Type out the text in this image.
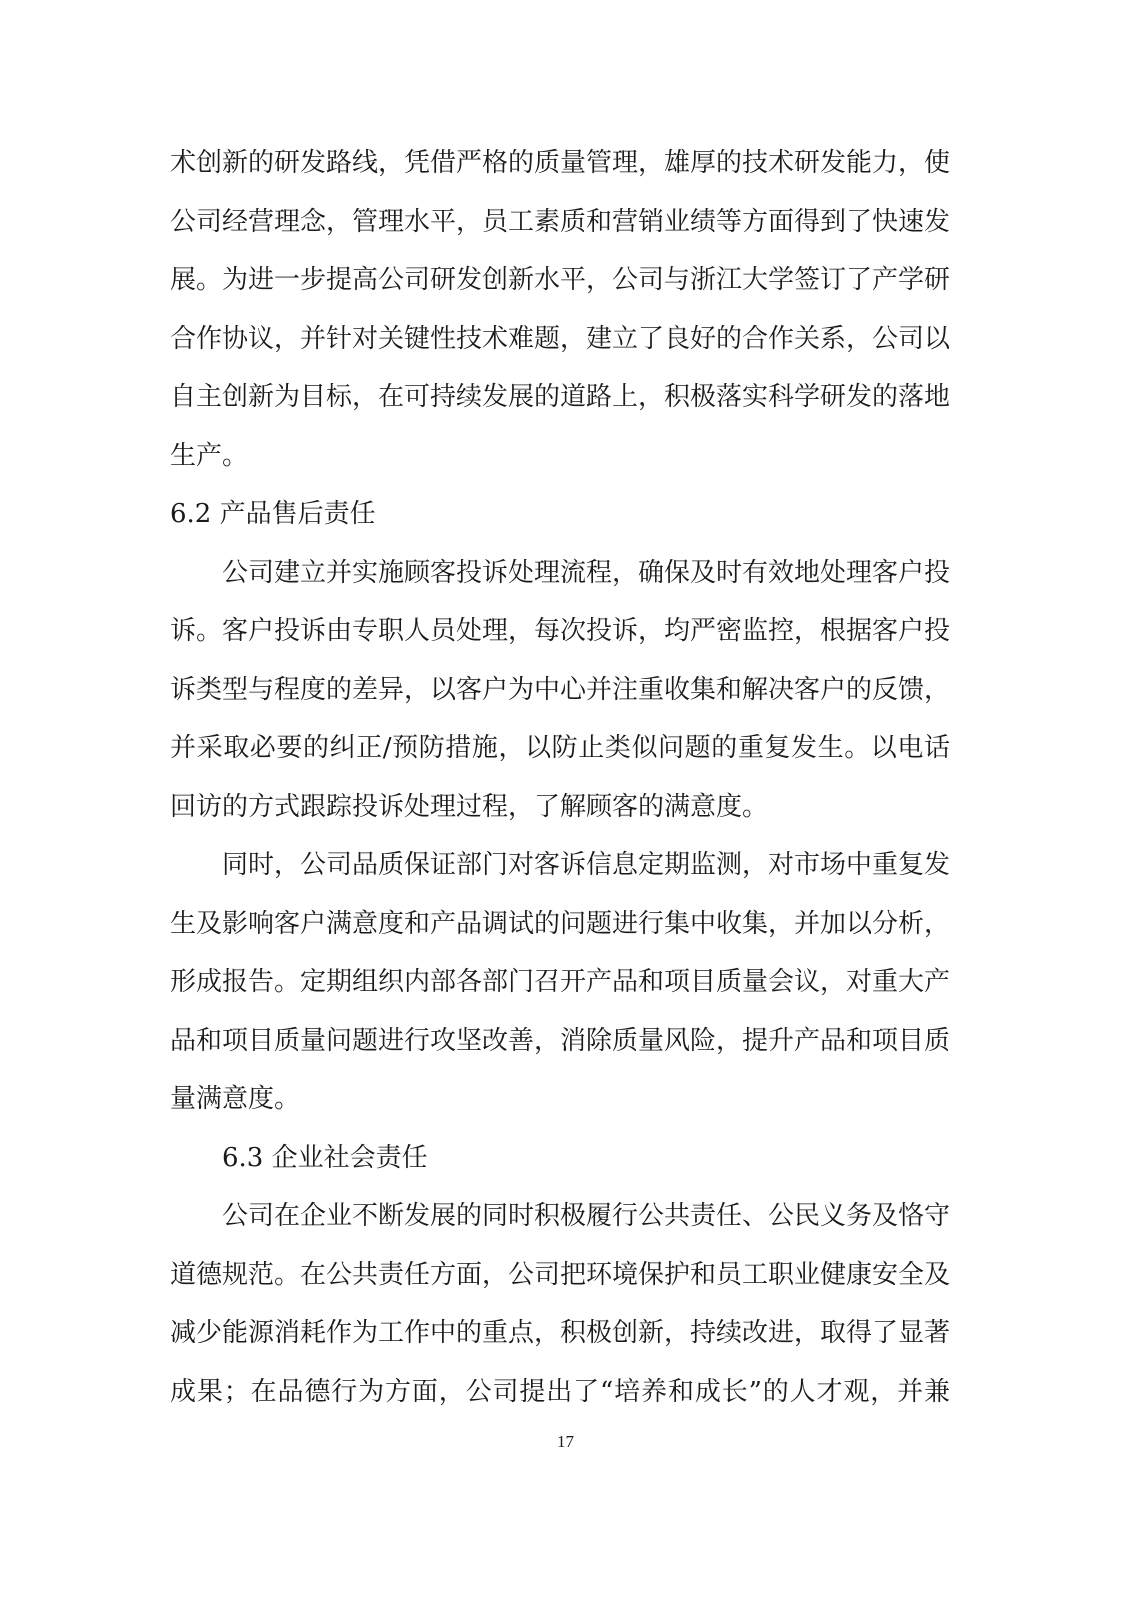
术创新的研发路线，凭借严格的质量管理，雄厚的技术研发能力，使
公司经营理念，管理水平，员工素质和营销业绩等方面得到了快速发
展。为进一步提高公司研发创新水平，公司与浙江大学签订了产学研
合作协议，并针对关键性技术难题，建立了良好的合作关系，公司以
自主创新为目标，在可持续发展的道路上，积极落实科学研发的落地
生产。
6.2 产品售后责任
公司建立并实施顾客投诉处理流程，确保及时有效地处理客户投
诉。客户投诉由专职人员处理，每次投诉，均严密监控，根据客户投
诉类型与程度的差异，以客户为中心并注重收集和解决客户的反馈，
并采取必要的纠正/预防措施，以防止类似问题的重复发生。以电话
回访的方式跟踪投诉处理过程，了解顾客的满意度。
同时，公司品质保证部门对客诉信息定期监测，对市场中重复发
生及影响客户满意度和产品调试的问题进行集中收集，并加以分析，
形成报告。定期组织内部各部门召开产品和项目质量会议，对重大产
品和项目质量问题进行攻坚改善，消除质量风险，提升产品和项目质
量满意度。
6.3 企业社会责任
公司在企业不断发展的同时积极履行公共责任、公民义务及恪守
道德规范。在公共责任方面，公司把环境保护和员工职业健康安全及
减少能源消耗作为工作中的重点，积极创新，持续改进，取得了显著
成果；在品德行为方面，公司提出了“培养和成长”的人才观，并兼
17
